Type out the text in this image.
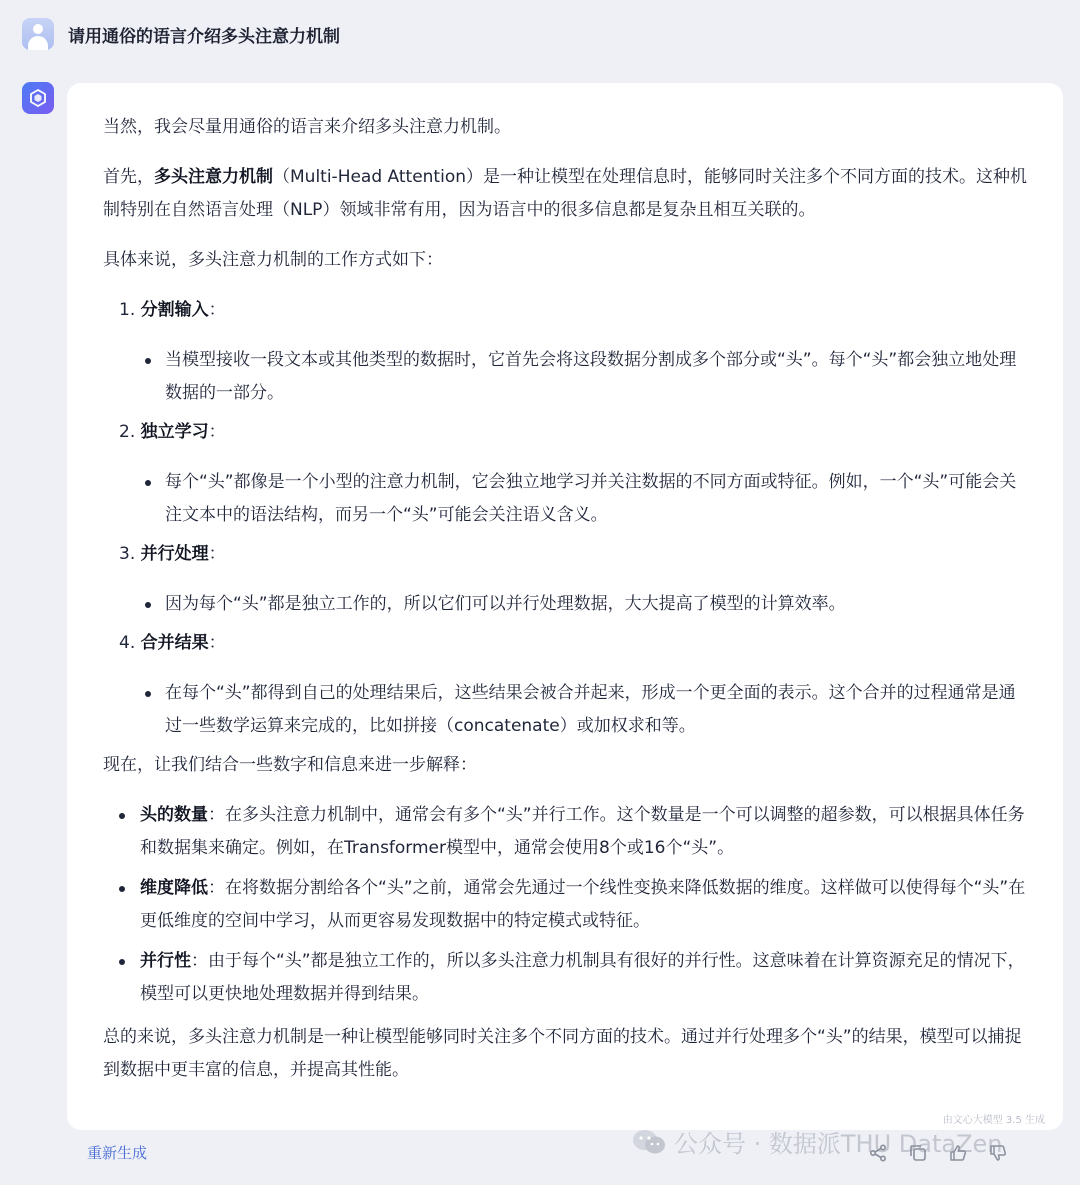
请用通俗的语言介绍多头注意力机制

当然，我会尽量用通俗的语言来介绍多头注意力机制。

首先，多头注意力机制（Multi-Head Attention）是一种让模型在处理信息时，能够同时关注多个不同方面的技术。这种机制特别在自然语言处理（NLP）领域非常有用，因为语言中的很多信息都是复杂且相互关联的。

具体来说，多头注意力机制的工作方式如下：

1. 分割输入：

当模型接收一段文本或其他类型的数据时，它首先会将这段数据分割成多个部分或“头”。每个“头”都会独立地处理数据的一部分。

2. 独立学习：

每个“头”都像是一个小型的注意力机制，它会独立地学习并关注数据的不同方面或特征。例如，一个“头”可能会关注文本中的语法结构，而另一个“头”可能会关注语义含义。

3. 并行处理：

因为每个“头”都是独立工作的，所以它们可以并行处理数据，大大提高了模型的计算效率。

4. 合并结果：

在每个“头”都得到自己的处理结果后，这些结果会被合并起来，形成一个更全面的表示。这个合并的过程通常是通过一些数学运算来完成的，比如拼接（concatenate）或加权求和等。

现在，让我们结合一些数字和信息来进一步解释：

头的数量：在多头注意力机制中，通常会有多个“头”并行工作。这个数量是一个可以调整的超参数，可以根据具体任务和数据集来确定。例如，在Transformer模型中，通常会使用8个或16个“头”。
维度降低：在将数据分割给各个“头”之前，通常会先通过一个线性变换来降低数据的维度。这样做可以使得每个“头”在更低维度的空间中学习，从而更容易发现数据中的特定模式或特征。
并行性：由于每个“头”都是独立工作的，所以多头注意力机制具有很好的并行性。这意味着在计算资源充足的情况下，模型可以更快地处理数据并得到结果。

总的来说，多头注意力机制是一种让模型能够同时关注多个不同方面的技术。通过并行处理多个“头”的结果，模型可以捕捉到数据中更丰富的信息，并提高其性能。

由文心大模型 3.5 生成
重新生成	公众号 · 数据派THU DataZen
